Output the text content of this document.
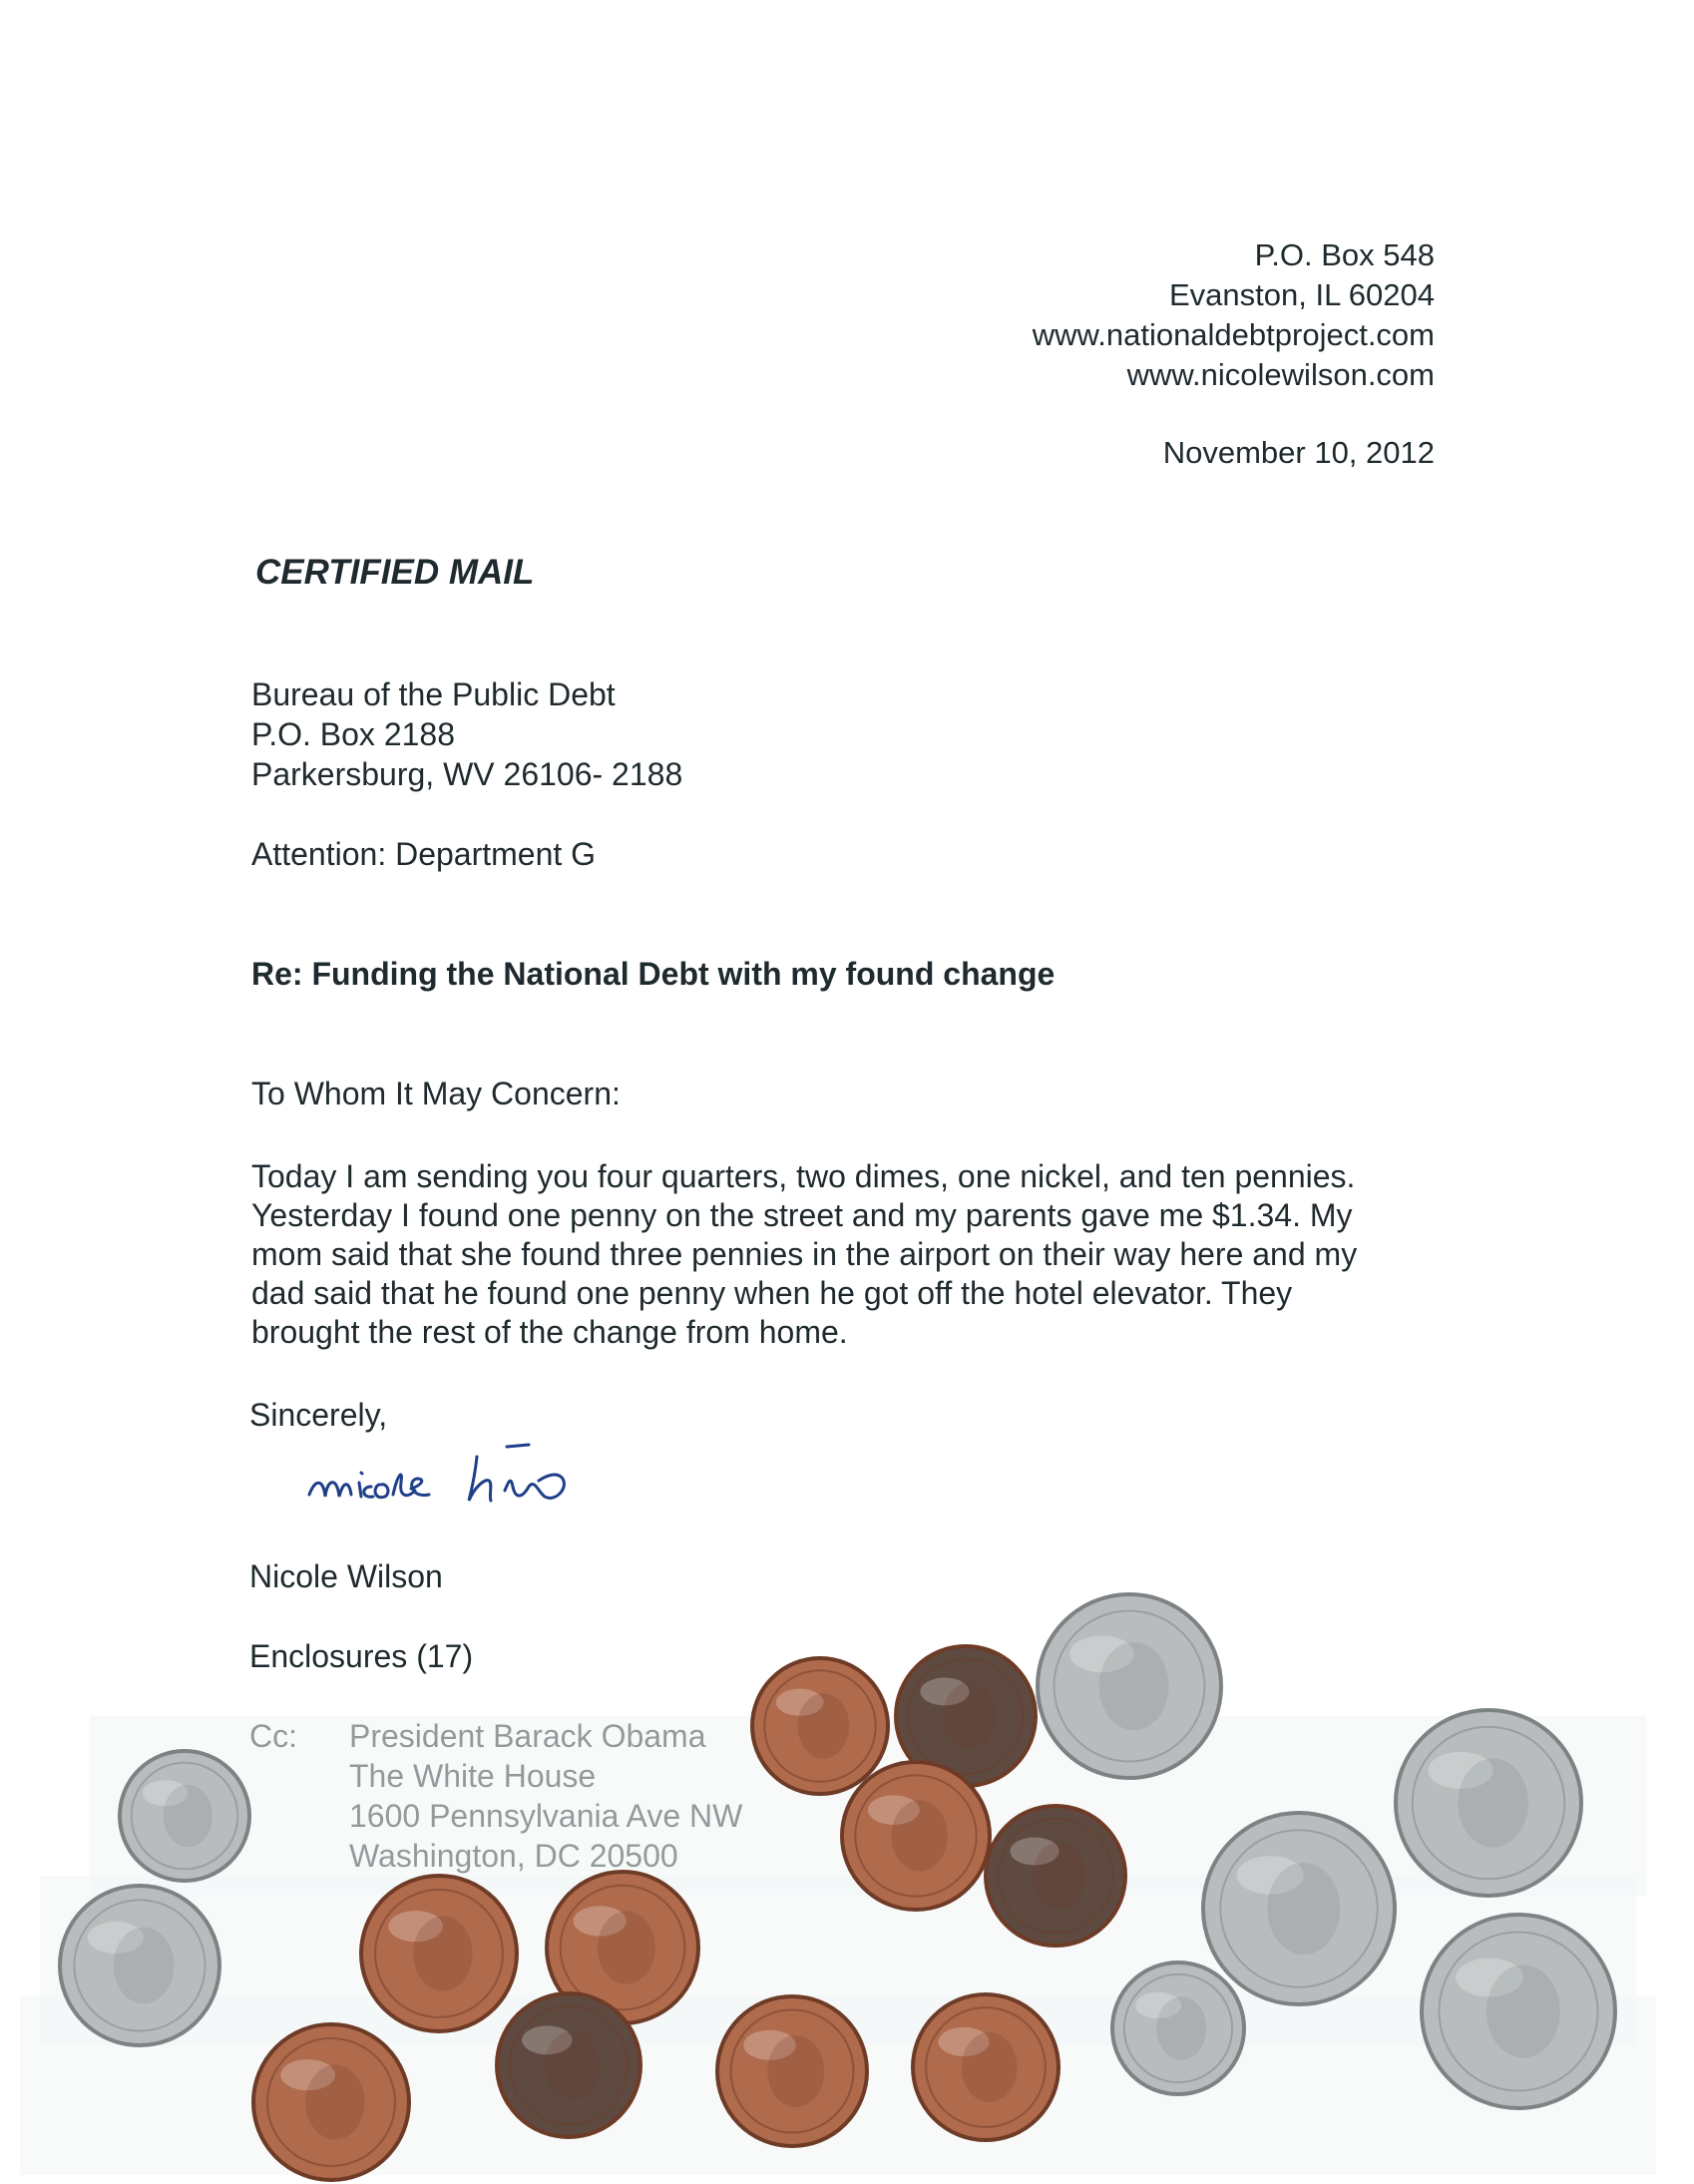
P.O. Box 548
Evanston, IL 60204
www.nationaldebtproject.com
www.nicolewilson.com
November 10, 2012
CERTIFIED MAIL
Bureau of the Public Debt
P.O. Box 2188
Parkersburg, WV 26106- 2188
Attention: Department G
Re: Funding the National Debt with my found change
To Whom It May Concern:
Today I am sending you four quarters, two dimes, one nickel, and ten pennies.
Yesterday I found one penny on the street and my parents gave me $1.34. My
mom said that she found three pennies in the airport on their way here and my
dad said that he found one penny when he got off the hotel elevator. They
brought the rest of the change from home.
Sincerely,
Nicole Wilson
Enclosures (17)
